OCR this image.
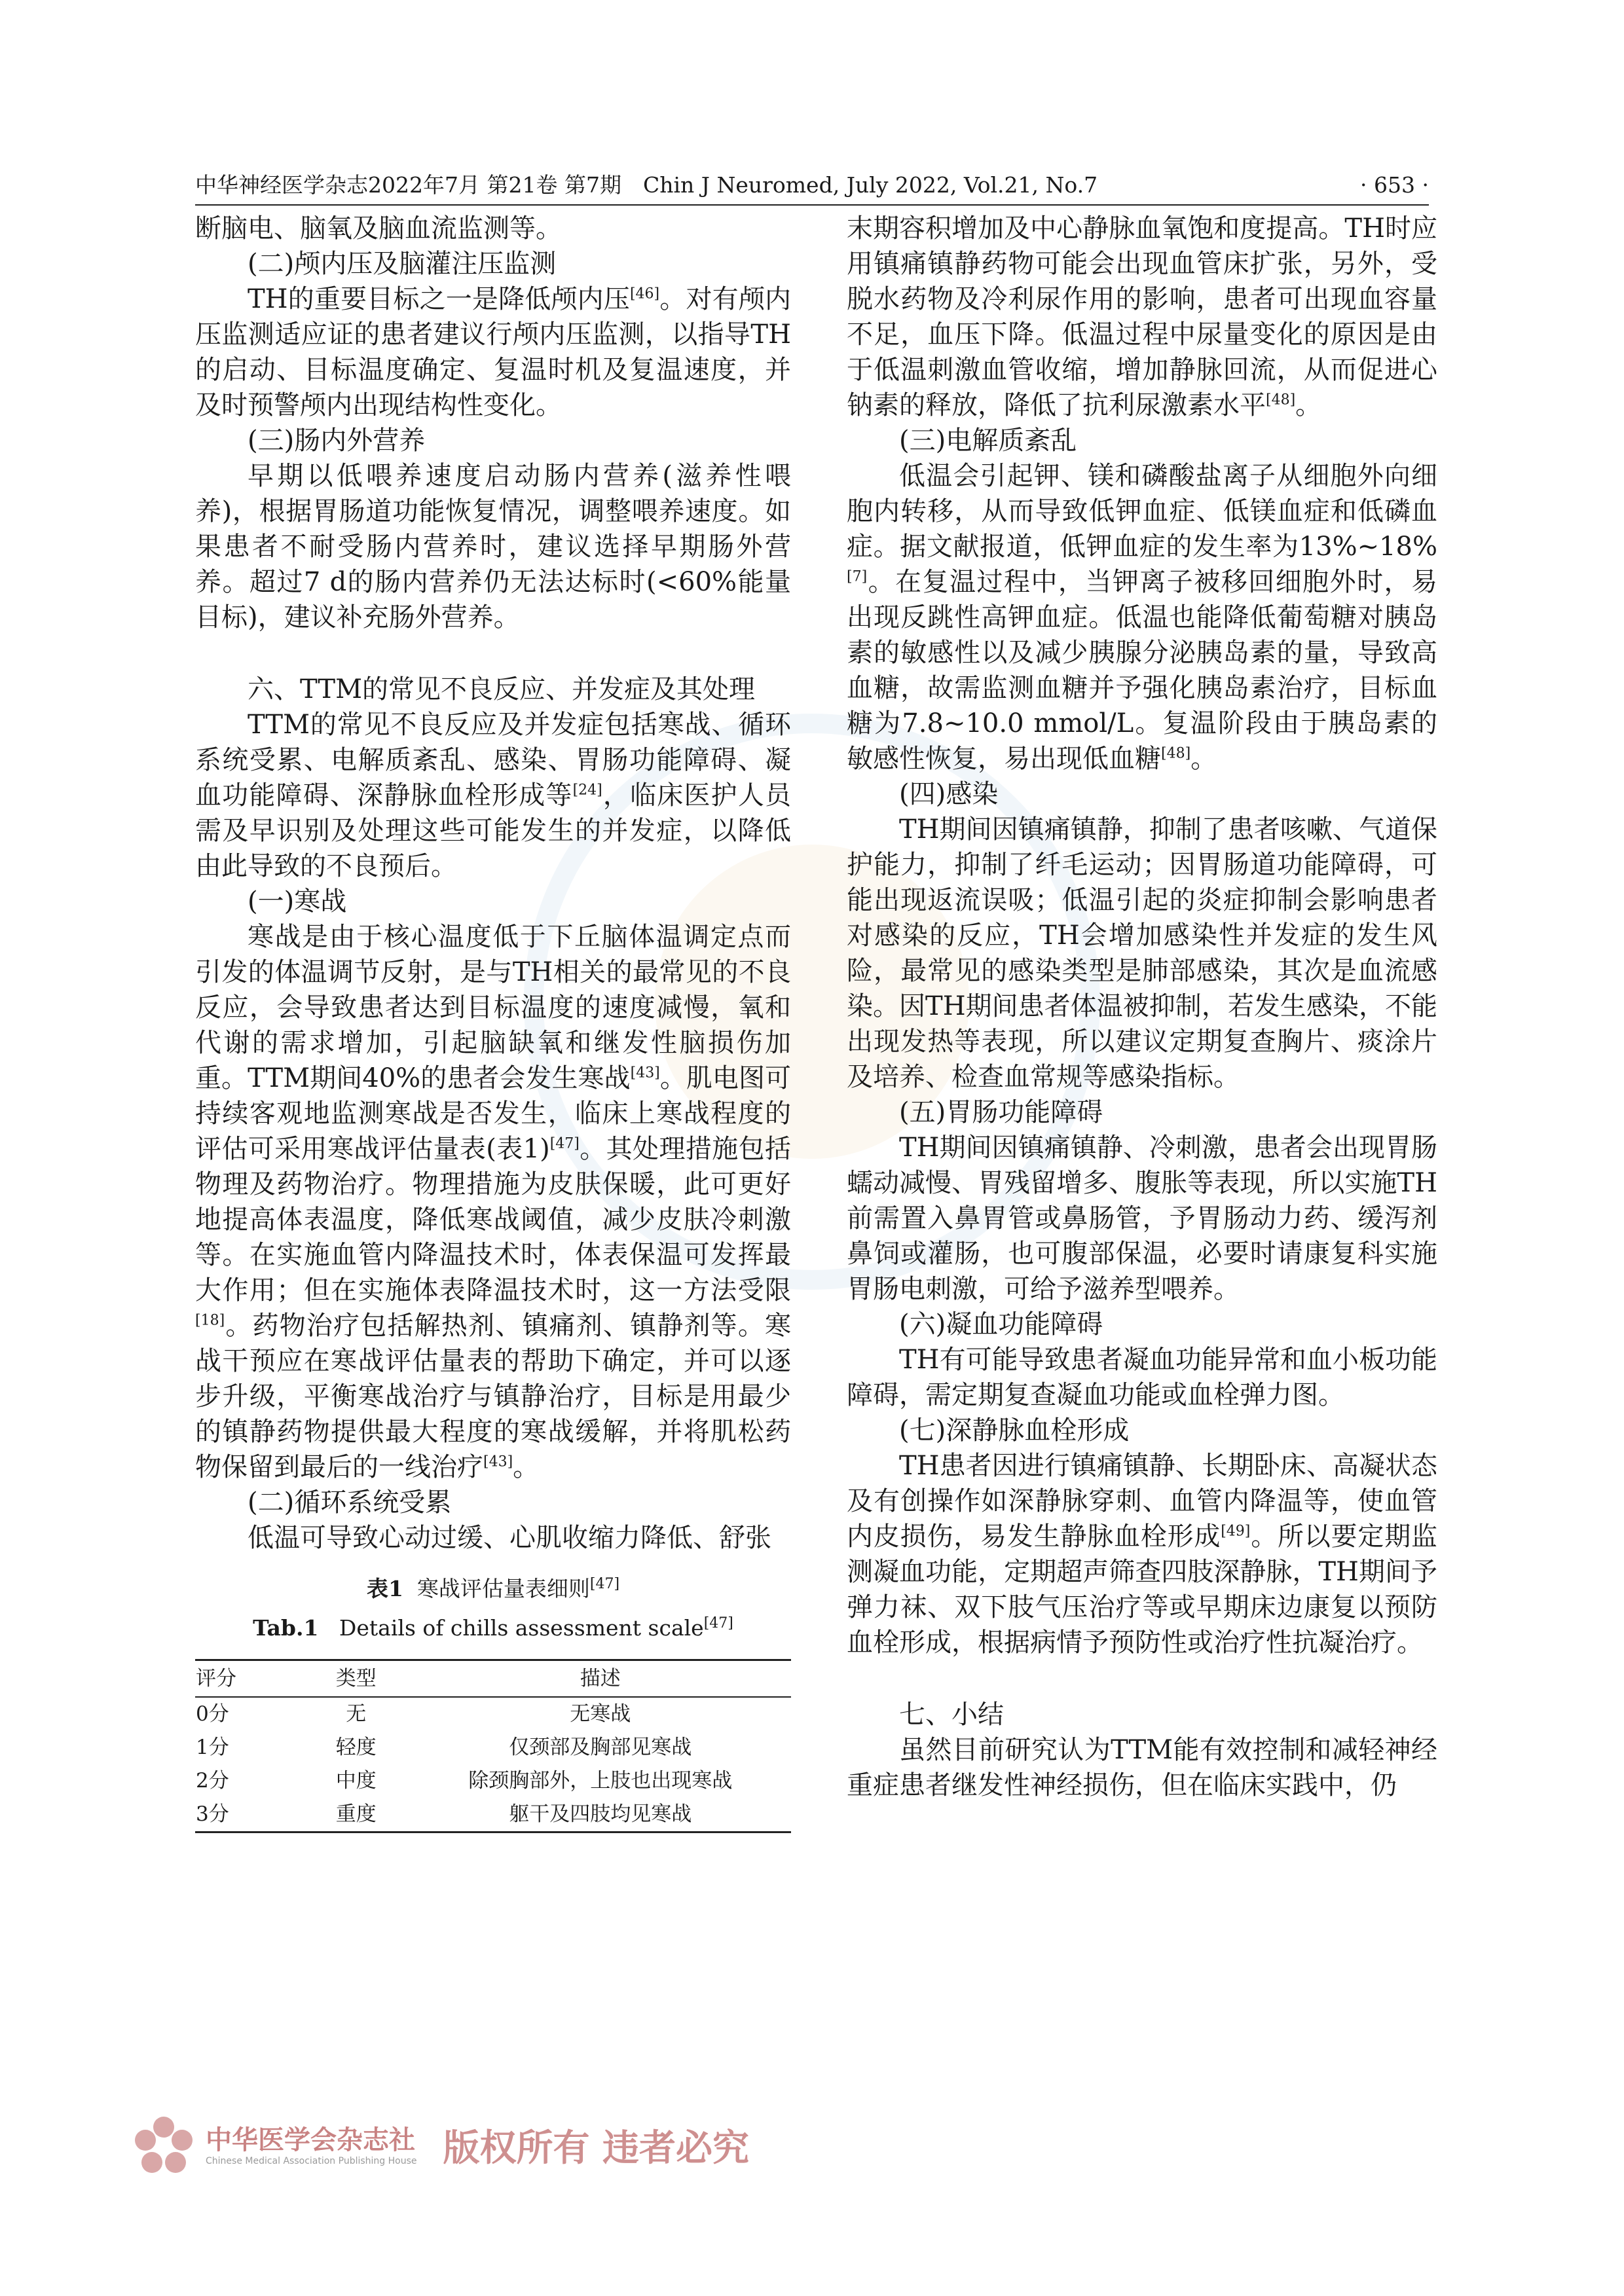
中华神经医学杂志2022年7月 第21卷 第7期　Chin J Neuromed, July 2022, Vol.21, No.7	· 653 ·

断脑电、脑氧及脑血流监测等。

(二)颅内压及脑灌注压监测

TH的重要目标之一是降低颅内压[46]。对有颅内压监测适应证的患者建议行颅内压监测，以指导TH的启动、目标温度确定、复温时机及复温速度，并及时预警颅内出现结构性变化。

(三)肠内外营养

早期以低喂养速度启动肠内营养(滋养性喂养)，根据胃肠道功能恢复情况，调整喂养速度。如果患者不耐受肠内营养时，建议选择早期肠外营养。超过7 d的肠内营养仍无法达标时(<60%能量目标)，建议补充肠外营养。

六、TTM的常见不良反应、并发症及其处理

TTM的常见不良反应及并发症包括寒战、循环系统受累、电解质紊乱、感染、胃肠功能障碍、凝血功能障碍、深静脉血栓形成等[24]，临床医护人员需及早识别及处理这些可能发生的并发症，以降低由此导致的不良预后。

(一)寒战

寒战是由于核心温度低于下丘脑体温调定点而引发的体温调节反射，是与TH相关的最常见的不良反应，会导致患者达到目标温度的速度减慢，氧和代谢的需求增加，引起脑缺氧和继发性脑损伤加重。TTM期间40%的患者会发生寒战[43]。肌电图可持续客观地监测寒战是否发生，临床上寒战程度的评估可采用寒战评估量表(表1)[47]。其处理措施包括物理及药物治疗。物理措施为皮肤保暖，此可更好地提高体表温度，降低寒战阈值，减少皮肤冷刺激等。在实施血管内降温技术时，体表保温可发挥最大作用；但在实施体表降温技术时，这一方法受限[18]。药物治疗包括解热剂、镇痛剂、镇静剂等。寒战干预应在寒战评估量表的帮助下确定，并可以逐步升级，平衡寒战治疗与镇静治疗，目标是用最少的镇静药物提供最大程度的寒战缓解，并将肌松药物保留到最后的一线治疗[43]。

(二)循环系统受累

低温可导致心动过缓、心肌收缩力降低、舒张

表1 寒战评估量表细则[47]
Tab.1 Details of chills assessment scale[47]
评分	类型	描述
0分	无	无寒战
1分	轻度	仅颈部及胸部见寒战
2分	中度	除颈胸部外，上肢也出现寒战
3分	重度	躯干及四肢均见寒战

末期容积增加及中心静脉血氧饱和度提高。TH时应用镇痛镇静药物可能会出现血管床扩张，另外，受脱水药物及冷利尿作用的影响，患者可出现血容量不足，血压下降。低温过程中尿量变化的原因是由于低温刺激血管收缩，增加静脉回流，从而促进心钠素的释放，降低了抗利尿激素水平[48]。

(三)电解质紊乱

低温会引起钾、镁和磷酸盐离子从细胞外向细胞内转移，从而导致低钾血症、低镁血症和低磷血症。据文献报道，低钾血症的发生率为13%~18%[7]。在复温过程中，当钾离子被移回细胞外时，易出现反跳性高钾血症。低温也能降低葡萄糖对胰岛素的敏感性以及减少胰腺分泌胰岛素的量，导致高血糖，故需监测血糖并予强化胰岛素治疗，目标血糖为7.8~10.0 mmol/L。复温阶段由于胰岛素的敏感性恢复，易出现低血糖[48]。

(四)感染

TH期间因镇痛镇静，抑制了患者咳嗽、气道保护能力，抑制了纤毛运动；因胃肠道功能障碍，可能出现返流误吸；低温引起的炎症抑制会影响患者对感染的反应，TH会增加感染性并发症的发生风险，最常见的感染类型是肺部感染，其次是血流感染。因TH期间患者体温被抑制，若发生感染，不能出现发热等表现，所以建议定期复查胸片、痰涂片及培养、检查血常规等感染指标。

(五)胃肠功能障碍

TH期间因镇痛镇静、冷刺激，患者会出现胃肠蠕动减慢、胃残留增多、腹胀等表现，所以实施TH前需置入鼻胃管或鼻肠管，予胃肠动力药、缓泻剂鼻饲或灌肠，也可腹部保温，必要时请康复科实施胃肠电刺激，可给予滋养型喂养。

(六)凝血功能障碍

TH有可能导致患者凝血功能异常和血小板功能障碍，需定期复查凝血功能或血栓弹力图。

(七)深静脉血栓形成

TH患者因进行镇痛镇静、长期卧床、高凝状态及有创操作如深静脉穿刺、血管内降温等，使血管内皮损伤，易发生静脉血栓形成[49]。所以要定期监测凝血功能，定期超声筛查四肢深静脉，TH期间予弹力袜、双下肢气压治疗等或早期床边康复以预防血栓形成，根据病情予预防性或治疗性抗凝治疗。

七、小结

虽然目前研究认为TTM能有效控制和减轻神经重症患者继发性神经损伤，但在临床实践中，仍

中华医学会杂志社
Chinese Medical Association Publishing House 版权所有 违者必究
